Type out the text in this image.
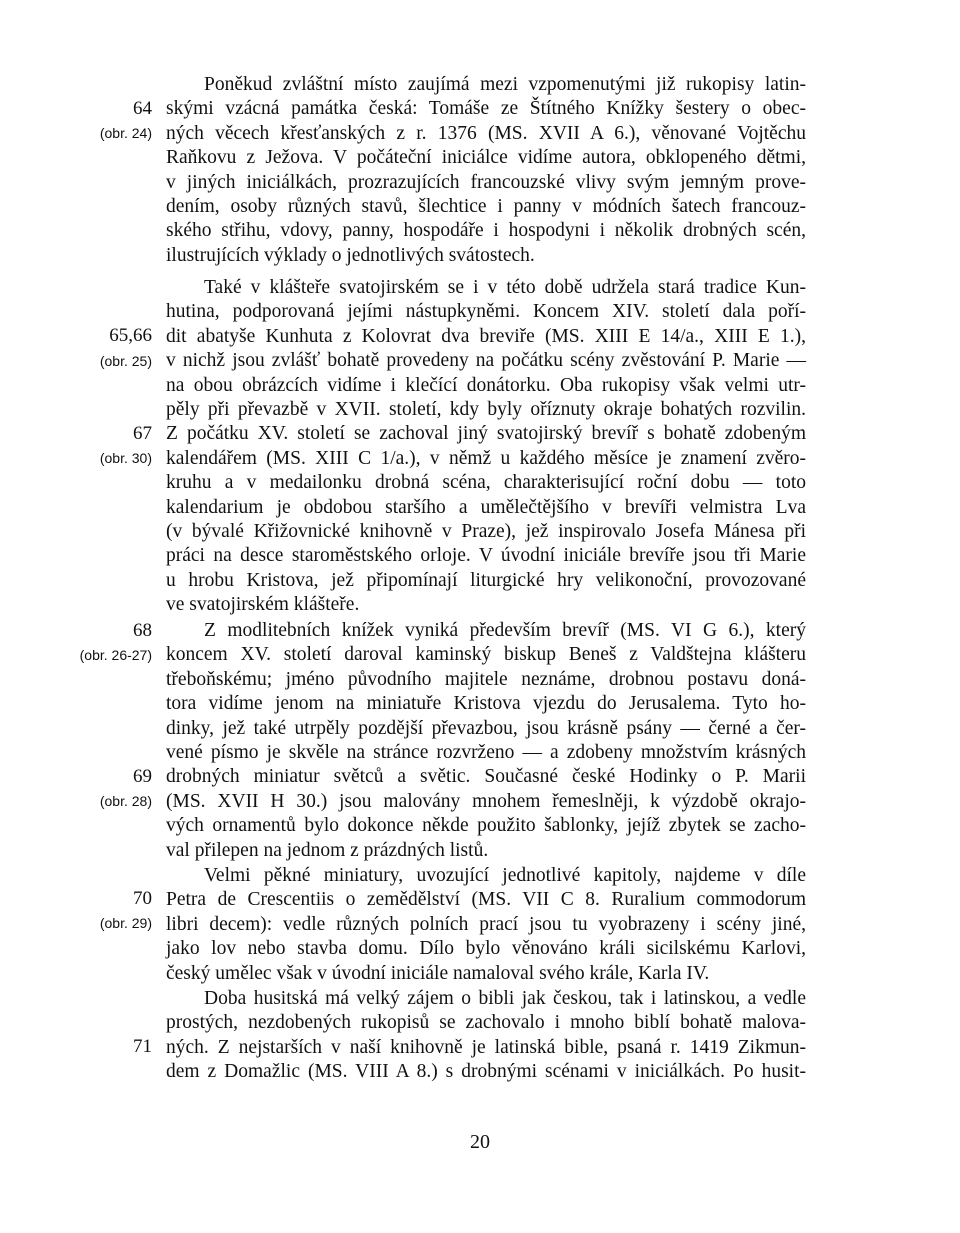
Poněkud zvláštní místo zaujímá mezi vzpomenutými již rukopisy latin-
skými vzácná památka česká: Tomáše ze Štítného Knížky šestery o obec-
ných věcech křesťanských z r. 1376 (MS. XVII A 6.), věnované Vojtěchu
Raňkovu z Ježova. V počáteční iniciálce vidíme autora, obklopeného dětmi,
v jiných iniciálkách, prozrazujících francouzské vlivy svým jemným prove-
dením, osoby různých stavů, šlechtice i panny v módních šatech francouz-
ského střihu, vdovy, panny, hospodáře i hospodyni i několik drobných scén,
ilustrujících výklady o jednotlivých svátostech.
Také v klášteře svatojirském se i v této době udržela stará tradice Kun-
hutina, podporovaná jejími nástupkyněmi. Koncem XIV. století dala poří-
dit abatyše Kunhuta z Kolovrat dva breviře (MS. XIII E 14/a., XIII E 1.),
v nichž jsou zvlášť bohatě provedeny na počátku scény zvěstování P. Marie —
na obou obrázcích vidíme i klečící donátorku. Oba rukopisy však velmi utr-
pěly při převazbě v XVII. století, kdy byly oříznuty okraje bohatých rozvilin.
Z počátku XV. století se zachoval jiný svatojirský brevíř s bohatě zdobeným
kalendářem (MS. XIII C 1/a.), v němž u každého měsíce je znamení zvěro-
kruhu a v medailonku drobná scéna, charakterisující roční dobu — toto
kalendarium je obdobou staršího a umělečtějšího v brevíři velmistra Lva
(v bývalé Křižovnické knihovně v Praze), jež inspirovalo Josefa Mánesa při
práci na desce staroměstského orloje. V úvodní iniciále brevíře jsou tři Marie
u hrobu Kristova, jež připomínají liturgické hry velikonoční, provozované
ve svatojirském klášteře.
Z modlitebních knížek vyniká především brevíř (MS. VI G 6.), který
koncem XV. století daroval kaminský biskup Beneš z Valdštejna klášteru
třeboňskému; jméno původního majitele neznáme, drobnou postavu doná-
tora vidíme jenom na miniatuře Kristova vjezdu do Jerusalema. Tyto ho-
dinky, jež také utrpěly pozdější převazbou, jsou krásně psány — černé a čer-
vené písmo je skvěle na stránce rozvrženo — a zdobeny množstvím krásných
drobných miniatur světců a světic. Současné české Hodinky o P. Marii
(MS. XVII H 30.) jsou malovány mnohem řemeslněji, k výzdobě okrajo-
vých ornamentů bylo dokonce někde použito šablonky, jejíž zbytek se zacho-
val přilepen na jednom z prázdných listů.
Velmi pěkné miniatury, uvozující jednotlivé kapitoly, najdeme v díle
Petra de Crescentiis o zemědělství (MS. VII C 8. Ruralium commodorum
libri decem): vedle různých polních prací jsou tu vyobrazeny i scény jiné,
jako lov nebo stavba domu. Dílo bylo věnováno králi sicilskému Karlovi,
český umělec však v úvodní iniciále namaloval svého krále, Karla IV.
Doba husitská má velký zájem o bibli jak českou, tak i latinskou, a vedle
prostých, nezdobených rukopisů se zachovalo i mnoho biblí bohatě malova-
ných. Z nejstarších v naší knihovně je latinská bible, psaná r. 1419 Zikmun-
dem z Domažlic (MS. VIII A 8.) s drobnými scénami v iniciálkách. Po husit-
64
(obr. 24)
65,66
(obr. 25)
67
(obr. 30)
68
(obr. 26-27)
69
(obr. 28)
70
(obr. 29)
71
20
